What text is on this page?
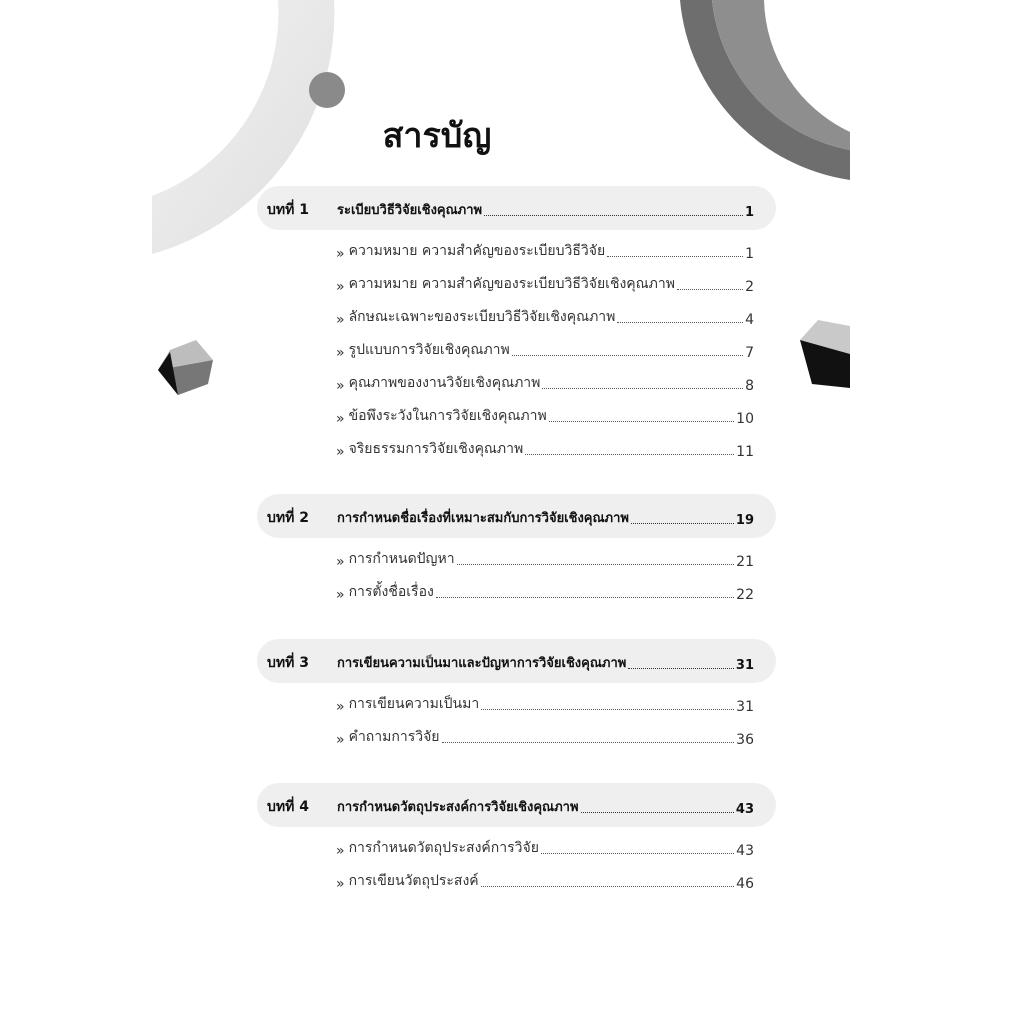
สารบัญ
บทที่ 1 ระเบียบวิธีวิจัยเชิงคุณภาพ	1
» ความหมาย ความสำคัญของระเบียบวิธีวิจัย	1
» ความหมาย ความสำคัญของระเบียบวิธีวิจัยเชิงคุณภาพ	2
» ลักษณะเฉพาะของระเบียบวิธีวิจัยเชิงคุณภาพ	4
» รูปแบบการวิจัยเชิงคุณภาพ	7
» คุณภาพของงานวิจัยเชิงคุณภาพ	8
» ข้อพึงระวังในการวิจัยเชิงคุณภาพ	10
» จริยธรรมการวิจัยเชิงคุณภาพ	11
บทที่ 2 การกำหนดชื่อเรื่องที่เหมาะสมกับการวิจัยเชิงคุณภาพ	19
» การกำหนดปัญหา	21
» การตั้งชื่อเรื่อง	22
บทที่ 3 การเขียนความเป็นมาและปัญหาการวิจัยเชิงคุณภาพ	31
» การเขียนความเป็นมา	31
» คำถามการวิจัย	36
บทที่ 4 การกำหนดวัตถุประสงค์การวิจัยเชิงคุณภาพ	43
» การกำหนดวัตถุประสงค์การวิจัย	43
» การเขียนวัตถุประสงค์	46
